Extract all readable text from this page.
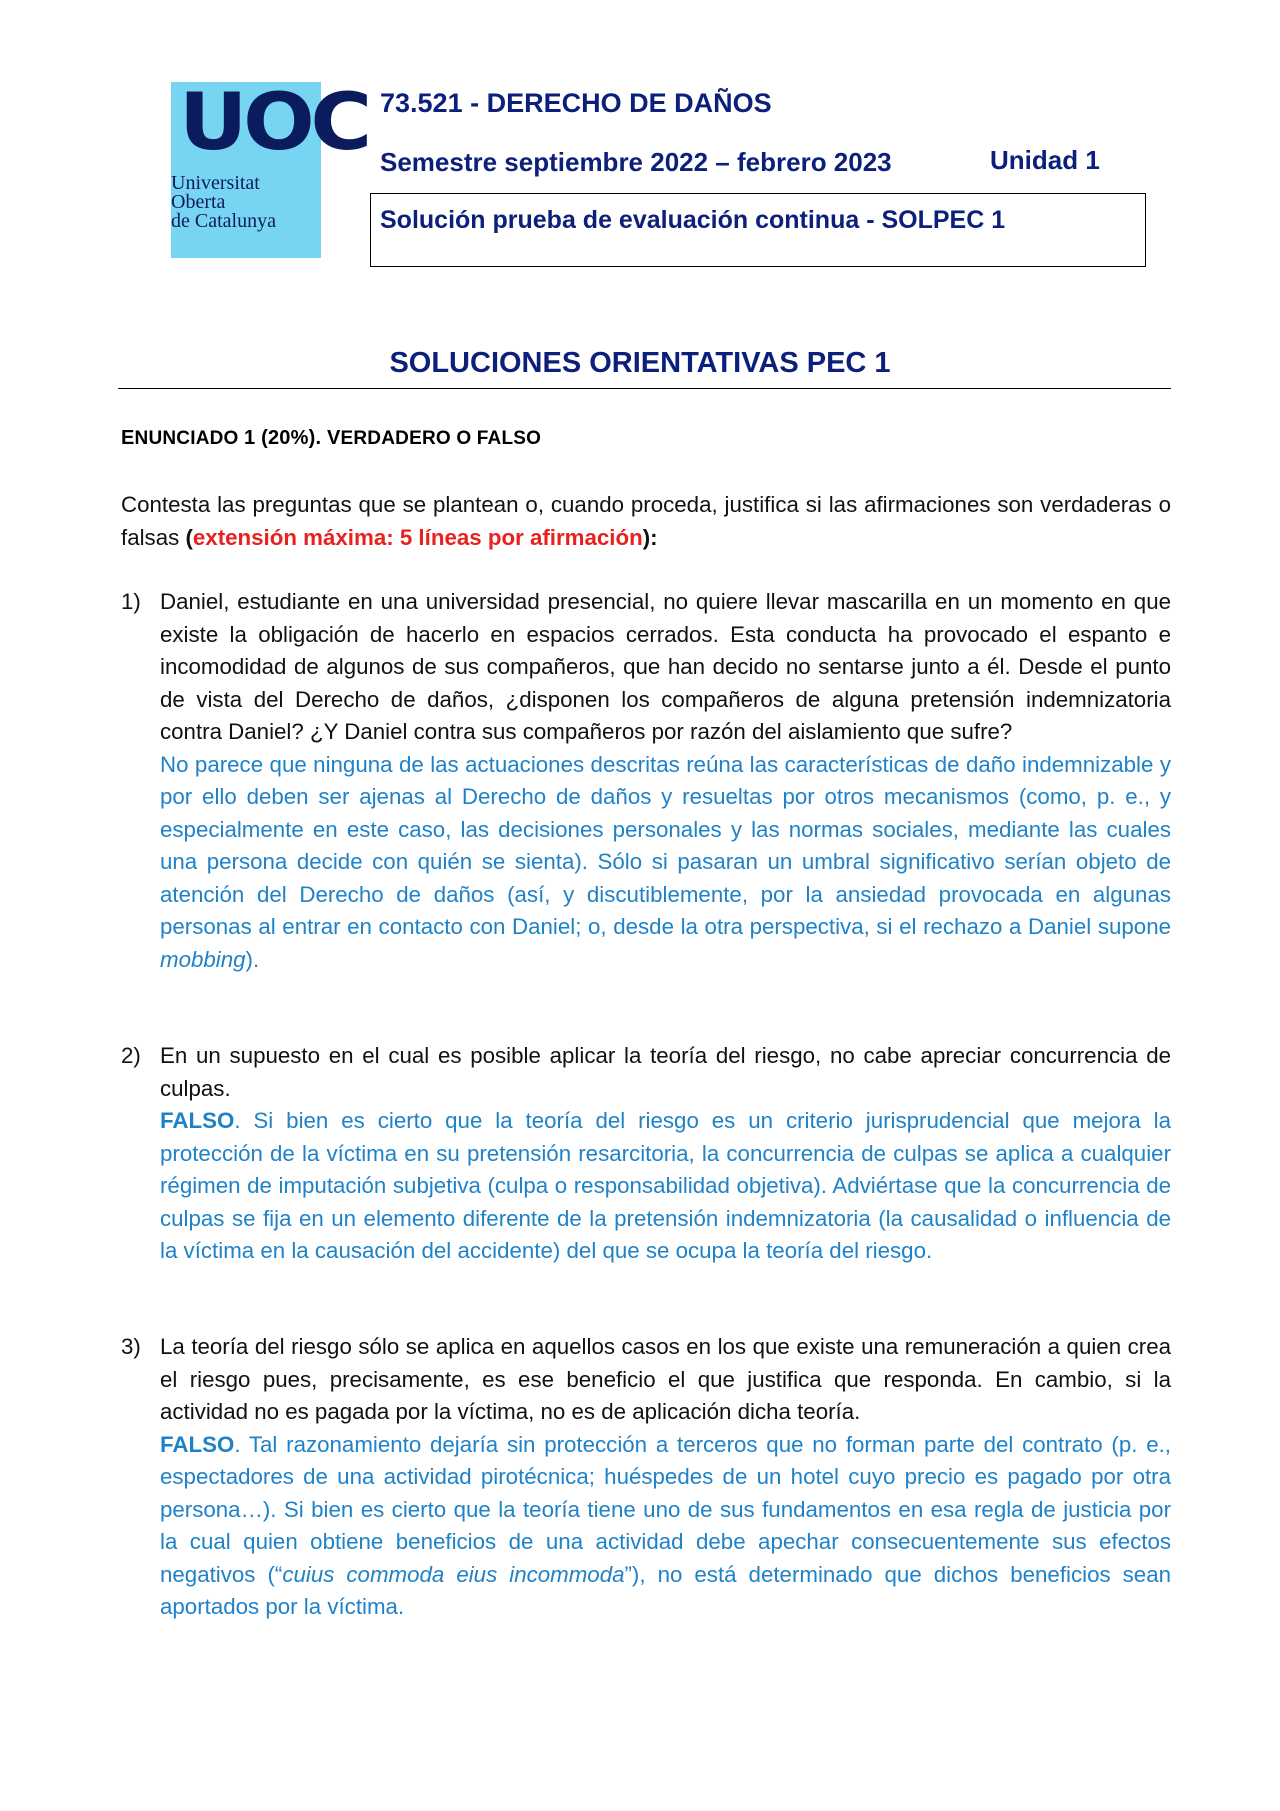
UOC
Universitat
Oberta
de Catalunya
73.521 - DERECHO DE DAÑOS
Semestre septiembre 2022 – febrero 2023	Unidad 1
Solución prueba de evaluación continua - SOLPEC 1
SOLUCIONES ORIENTATIVAS PEC 1
ENUNCIADO 1 (20%). VERDADERO O FALSO
Contesta las preguntas que se plantean o, cuando proceda, justifica si las afirmaciones son verdaderas o falsas (extensión máxima: 5 líneas por afirmación):
1) Daniel, estudiante en una universidad presencial, no quiere llevar mascarilla en un momento en que existe la obligación de hacerlo en espacios cerrados. Esta conducta ha provocado el espanto e incomodidad de algunos de sus compañeros, que han decido no sentarse junto a él. Desde el punto de vista del Derecho de daños, ¿disponen los compañeros de alguna pretensión indemnizatoria contra Daniel? ¿Y Daniel contra sus compañeros por razón del aislamiento que sufre?
No parece que ninguna de las actuaciones descritas reúna las características de daño indemnizable y por ello deben ser ajenas al Derecho de daños y resueltas por otros mecanismos (como, p. e., y especialmente en este caso, las decisiones personales y las normas sociales, mediante las cuales una persona decide con quién se sienta). Sólo si pasaran un umbral significativo serían objeto de atención del Derecho de daños (así, y discutiblemente, por la ansiedad provocada en algunas personas al entrar en contacto con Daniel; o, desde la otra perspectiva, si el rechazo a Daniel supone mobbing).
2) En un supuesto en el cual es posible aplicar la teoría del riesgo, no cabe apreciar concurrencia de culpas.
FALSO. Si bien es cierto que la teoría del riesgo es un criterio jurisprudencial que mejora la protección de la víctima en su pretensión resarcitoria, la concurrencia de culpas se aplica a cualquier régimen de imputación subjetiva (culpa o responsabilidad objetiva). Adviértase que la concurrencia de culpas se fija en un elemento diferente de la pretensión indemnizatoria (la causalidad o influencia de la víctima en la causación del accidente) del que se ocupa la teoría del riesgo.
3) La teoría del riesgo sólo se aplica en aquellos casos en los que existe una remuneración a quien crea el riesgo pues, precisamente, es ese beneficio el que justifica que responda. En cambio, si la actividad no es pagada por la víctima, no es de aplicación dicha teoría.
FALSO. Tal razonamiento dejaría sin protección a terceros que no forman parte del contrato (p. e., espectadores de una actividad pirotécnica; huéspedes de un hotel cuyo precio es pagado por otra persona…). Si bien es cierto que la teoría tiene uno de sus fundamentos en esa regla de justicia por la cual quien obtiene beneficios de una actividad debe apechar consecuentemente sus efectos negativos (“cuius commoda eius incommoda”), no está determinado que dichos beneficios sean aportados por la víctima.
